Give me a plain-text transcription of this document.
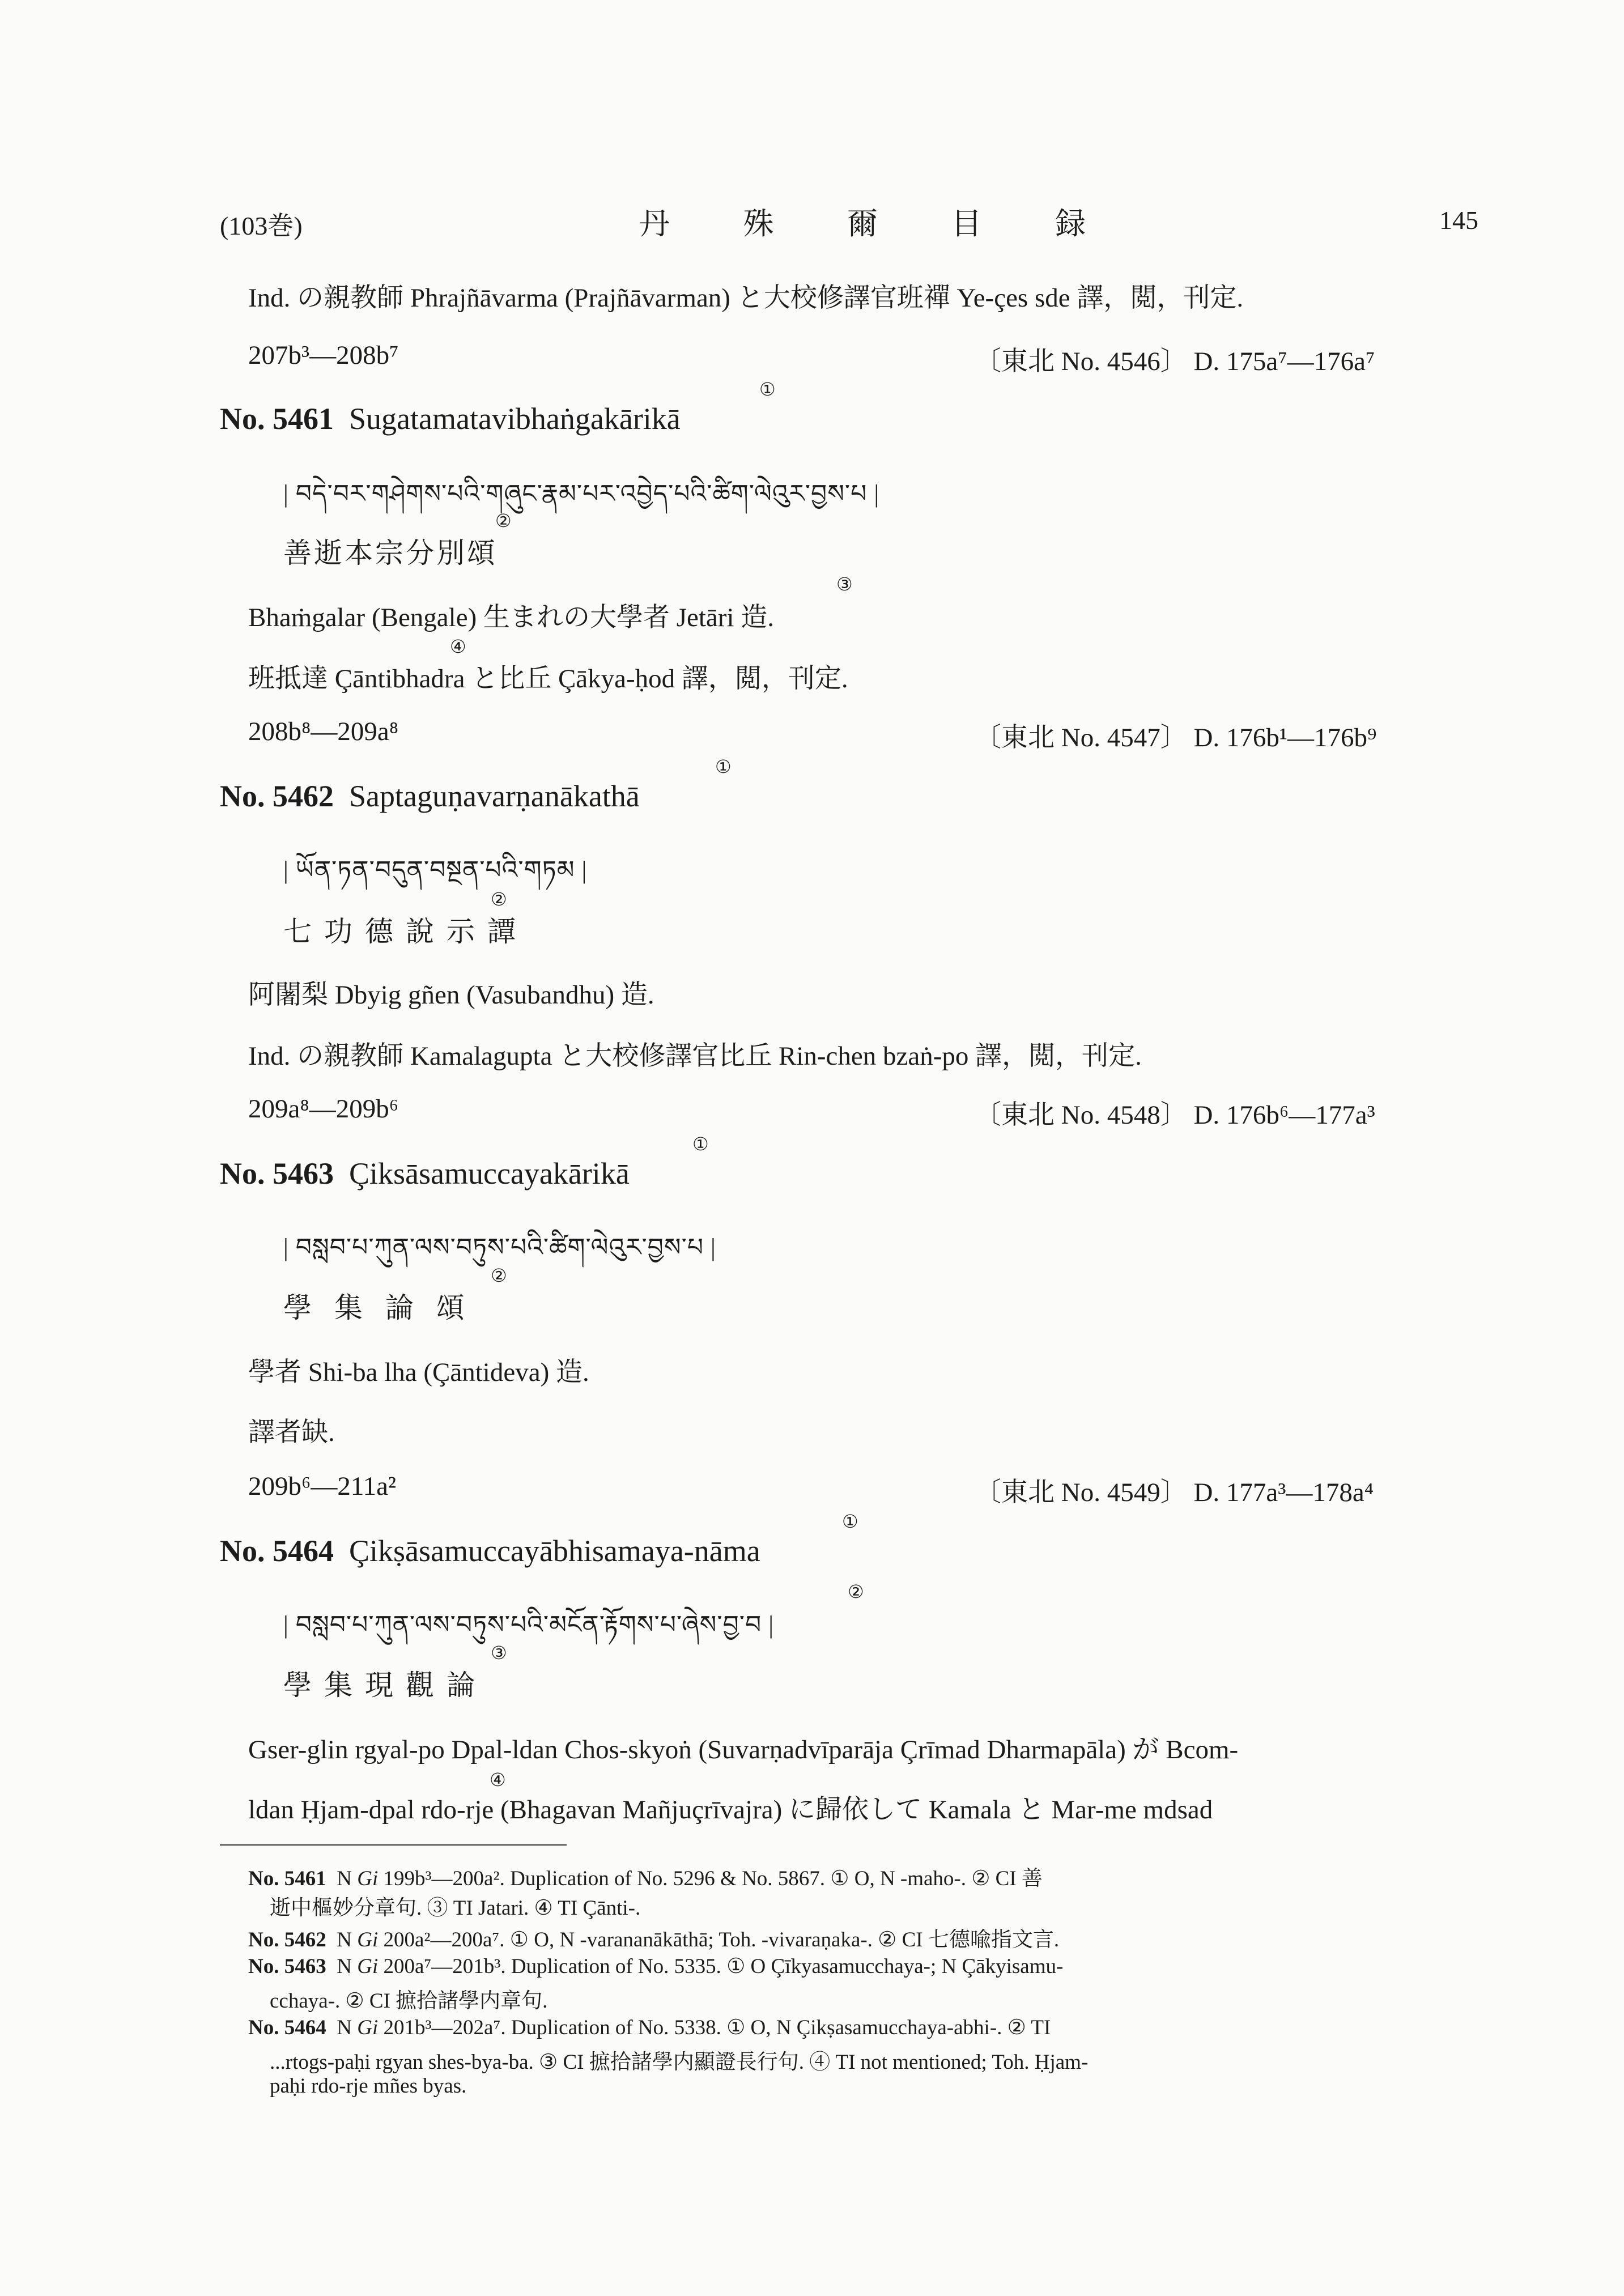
(103巻)	丹 殊 爾 目 録	145
Ind. の親教師 Phrajñāvarma (Prajñāvarman) と大校修譯官班禪 Ye-çes sde 譯，閲，刊定.
207b³—208b⁷	〔東北 No. 4546〕 D. 175a⁷—176a⁷
①
No. 5461 Sugatamatavibhaṅgakārikā
| བདེ་བར་གཤེགས་པའི་གཞུང་རྣམ་པར་འབྱེད་པའི་ཚིག་ལེའུར་བྱས་པ |
②
善逝本宗分別頌
Bhaṁgalar (Bengale) 生まれの大學者 Jetāri 造.
③
班抵達 Çāntibhadra と比丘 Çākya-ḥod 譯，閲，刊定.
④
208b⁸—209a⁸	〔東北 No. 4547〕 D. 176b¹—176b⁹
①
No. 5462 Saptaguṇavarṇanākathā
| ཡོན་ཏན་བདུན་བསྔན་པའི་གཏམ |
②
七功德說示譚
阿闍梨 Dbyig gñen (Vasubandhu) 造.
Ind. の親教師 Kamalagupta と大校修譯官比丘 Rin-chen bzaṅ-po 譯，閲，刊定.
209a⁸—209b⁶	〔東北 No. 4548〕 D. 176b⁶—177a³
①
No. 5463 Çiksāsamuccayakārikā
| བསླབ་པ་ཀུན་ལས་བཏུས་པའི་ཚིག་ལེའུར་བྱས་པ |
②
學集論頌
學者 Shi-ba lha (Çāntideva) 造.
譯者缺.
209b⁶—211a²	〔東北 No. 4549〕 D. 177a³—178a⁴
①
No. 5464 Çikṣāsamuccayābhisamaya-nāma
| བསླབ་པ་ཀུན་ལས་བཏུས་པའི་མངོན་རྟོགས་པ་ཞེས་བྱ་བ |
②
③
學集現觀論
Gser-glin rgyal-po Dpal-ldan Chos-skyoṅ (Suvarṇadvīparāja Çrīmad Dharmapāla) が Bcom-
④
ldan Ḥjam-dpal rdo-rje (Bhagavan Mañjuçrīvajra) に歸依して Kamala と Mar-me mdsad
No. 5461 N Gi 199b³—200a². Duplication of No. 5296 & No. 5867. ① O, N -maho-. ② CI 善
逝中樞妙分章句. ③ TI Jatari. ④ TI Çānti-.
No. 5462 N Gi 200a²—200a⁷. ① O, N -varananākāthā; Toh. -vivaraṇaka-. ② CI 七德喩指文言.
No. 5463 N Gi 200a⁷—201b³. Duplication of No. 5335. ① O Çīkyasamucchaya-; N Çākyisamu-
cchaya-. ② CI 摭拾諸學内章句.
No. 5464 N Gi 201b³—202a⁷. Duplication of No. 5338. ① O, N Çikṣasamucchaya-abhi-. ② TI
...rtogs-paḥi rgyan shes-bya-ba. ③ CI 摭拾諸學内顯證長行句. ④ TI not mentioned; Toh. Ḥjam-
paḥi rdo-rje mñes byas.
